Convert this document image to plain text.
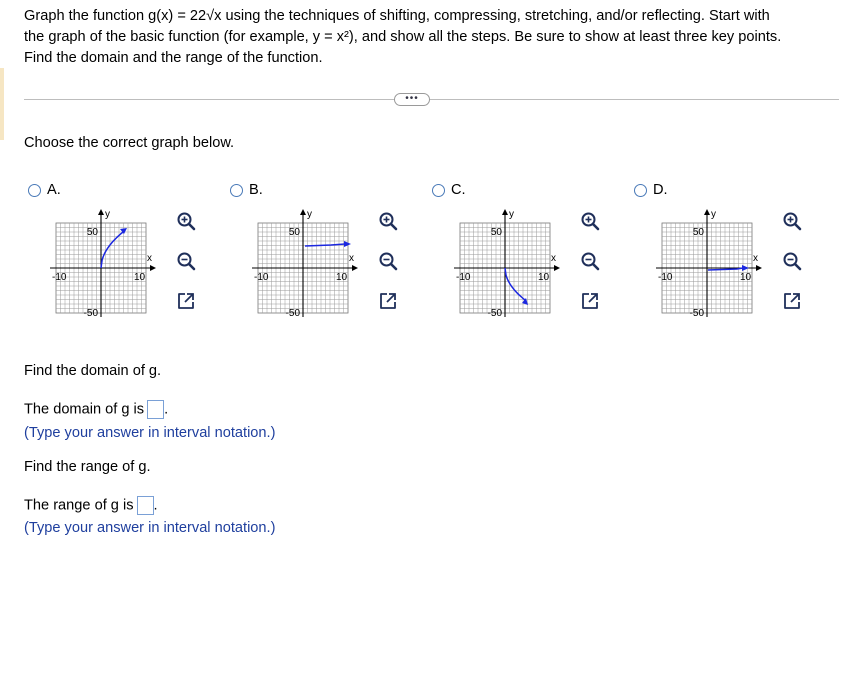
Graph the function g(x) = 22√x using the techniques of shifting, compressing, stretching, and/or reflecting. Start with
the graph of the basic function (for example, y = x²), and show all the steps. Be sure to show at least three key points.
Find the domain and the range of the function.
•••
Choose the correct graph below.
A.	B.	C.	D.
y
x
50
-50
-10	10
y
x
50
-50
-10	10
y
x
50
-50
-10	10
y
x
50
-50
-10	10
Find the domain of g.
The domain of g is .
(Type your answer in interval notation.)
Find the range of g.
The range of g is .
(Type your answer in interval notation.)
